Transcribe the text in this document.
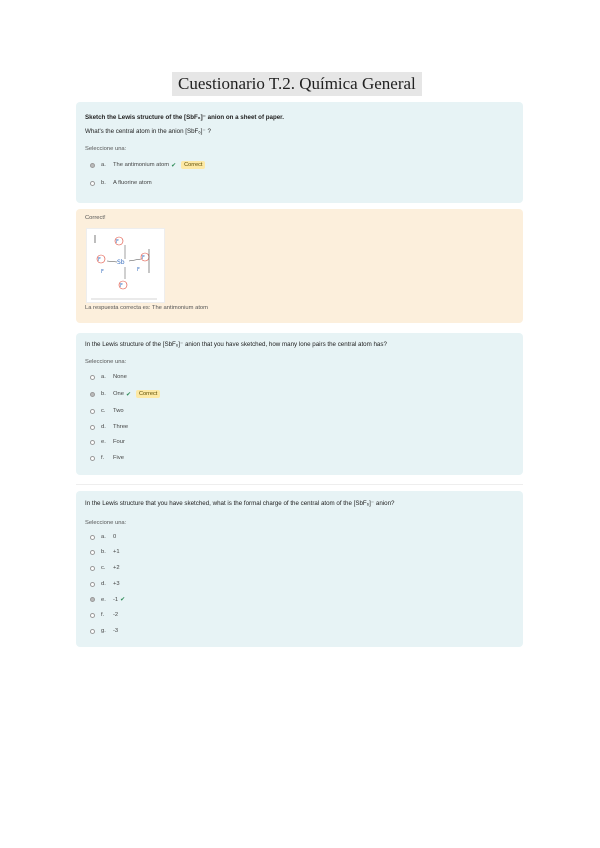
Cuestionario T.2. Química General
Sketch the Lewis structure of the [SbF₆]⁻ anion on a sheet of paper.
What's the central atom in the anion [SbF₆]⁻ ?
Seleccione una:
a.	The antimonium atom ✔	Correct
b.	A fluorine atom
Correct!
F
F	F
Sb
F
F
F
La respuesta correcta es: The antimonium atom
In the Lewis structure of the [SbF₆]⁻ anion that you have sketched, how many lone pairs the central atom has?
Seleccione una:
a.	None
b.	One ✔	Correct
c.	Two
d.	Three
e.	Four
f.	Five
In the Lewis structure that you have sketched, what is the formal charge of the central atom of the [SbF₆]⁻ anion?
Seleccione una:
a.	0
b.	+1
c.	+2
d.	+3
e.	-1 ✔
f.	-2
g.	-3
